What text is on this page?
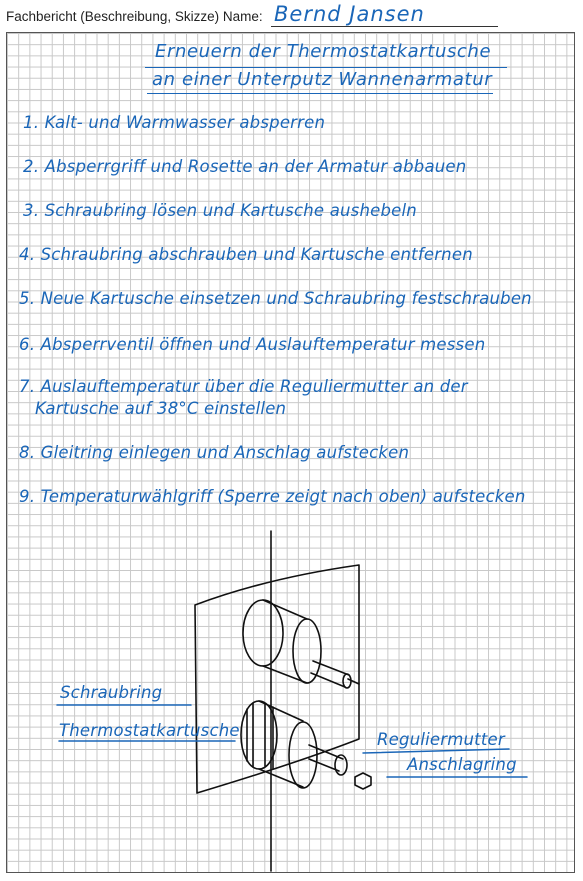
Fachbericht (Beschreibung, Skizze) Name: Bernd Jansen
Erneuern der Thermostatkartusche
an einer Unterputz Wannenarmatur
1. Kalt- und Warmwasser absperren
2. Absperrgriff und Rosette an der Armatur abbauen
3. Schraubring lösen und Kartusche aushebeln
4. Schraubring abschrauben und Kartusche entfernen
5. Neue Kartusche einsetzen und Schraubring festschrauben
6. Absperrventil öffnen und Auslauftemperatur messen
7. Auslauftemperatur über die Reguliermutter an der
Kartusche auf 38°C einstellen
8. Gleitring einlegen und Anschlag aufstecken
9. Temperaturwählgriff (Sperre zeigt nach oben) aufstecken
Schraubring
Thermostatkartusche	Reguliermutter
Anschlagring
